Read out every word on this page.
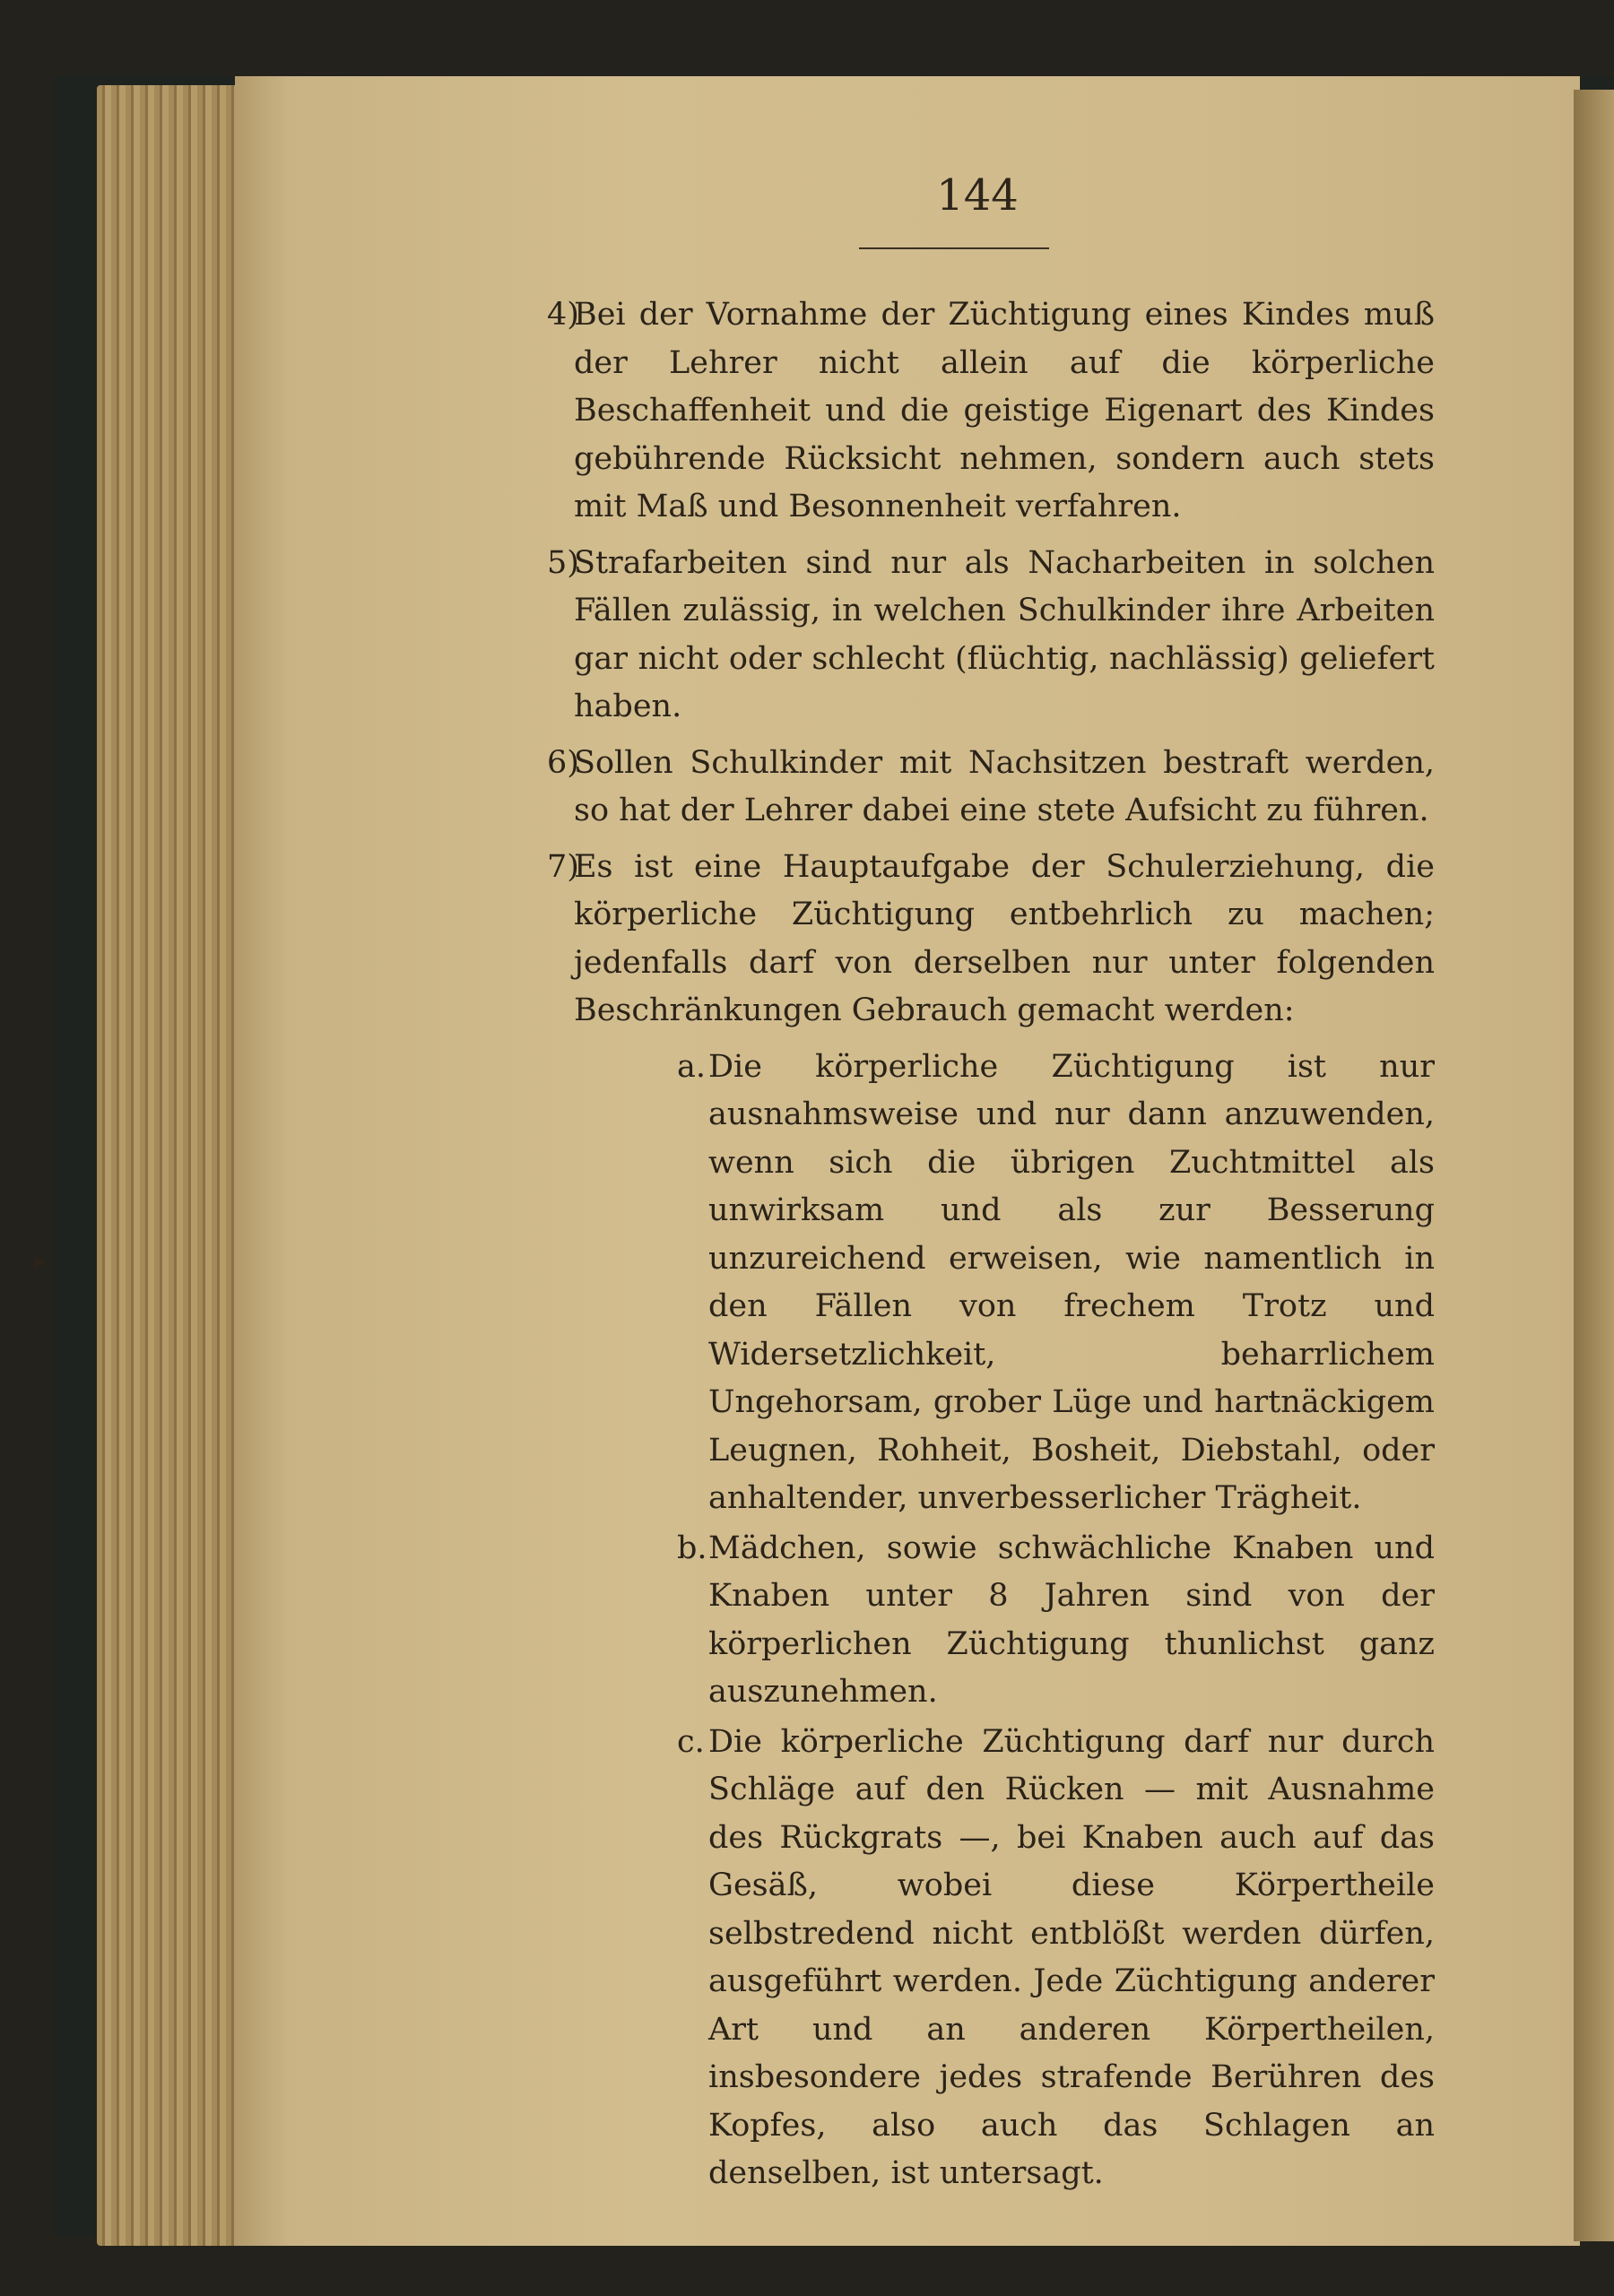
▸
144
4)

Bei der Vornahme der Züchtigung eines Kindes muß der Lehrer nicht allein auf die körperliche Beschaffenheit und die geistige Eigenart des Kindes gebührende Rücksicht nehmen, sondern auch stets mit Maß und Besonnenheit verfahren.

5)

Strafarbeiten sind nur als Nacharbeiten in solchen Fällen zulässig, in welchen Schulkinder ihre Arbeiten gar nicht oder schlecht (flüchtig, nachlässig) geliefert haben.

6)

Sollen Schulkinder mit Nachsitzen bestraft werden, so hat der Lehrer dabei eine stete Aufsicht zu führen.

7)

Es ist eine Hauptaufgabe der Schulerziehung, die körperliche Züchtigung entbehrlich zu machen; jedenfalls darf von derselben nur unter folgenden Beschränkungen Gebrauch gemacht werden:

a. Die körperliche Züchtigung ist nur ausnahmsweise und nur dann anzuwenden, wenn sich die übrigen Zuchtmittel als unwirksam und als zur Besserung unzureichend erweisen, wie namentlich in den Fällen von frechem Trotz und Widersetzlichkeit, beharrlichem Ungehorsam, grober Lüge und hartnäckigem Leugnen, Rohheit, Bosheit, Diebstahl, oder anhaltender, unverbesserlicher Trägheit.

b. Mädchen, sowie schwächliche Knaben und Knaben unter 8 Jahren sind von der körperlichen Züchtigung thunlichst ganz auszunehmen.

c. Die körperliche Züchtigung darf nur durch Schläge auf den Rücken — mit Ausnahme des Rückgrats —, bei Knaben auch auf das Gesäß, wobei diese Körpertheile selbstredend nicht entblößt werden dürfen, ausgeführt werden. Jede Züchtigung anderer Art und an anderen Körpertheilen, insbesondere jedes strafende Berühren des Kopfes, also auch das Schlagen an denselben, ist untersagt.
